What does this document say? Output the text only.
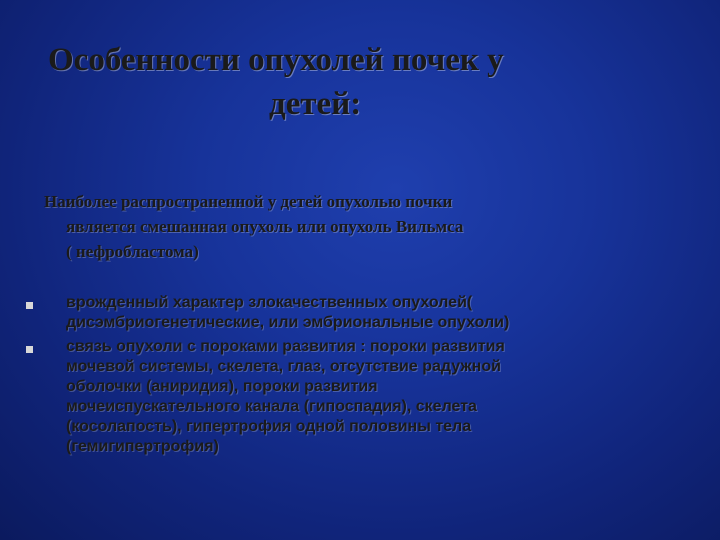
Особенности опухолей почек у
детей:
Наиболее распространенной у детей опухолью почки
является смешанная опухоль или опухоль Вильмса
( нефробластома)
врожденный характер злокачественных опухолей(
дисэмбриогенетические, или эмбриональные опухоли)
связь опухоли с пороками развития : пороки развития
мочевой системы, скелета, глаз, отсутствие радужной
оболочки (аниридия), пороки развития
мочеиспускательного канала (гипоспадия), скелета
(косолапость), гипертрофия одной половины тела
(гемигипертрофия)
